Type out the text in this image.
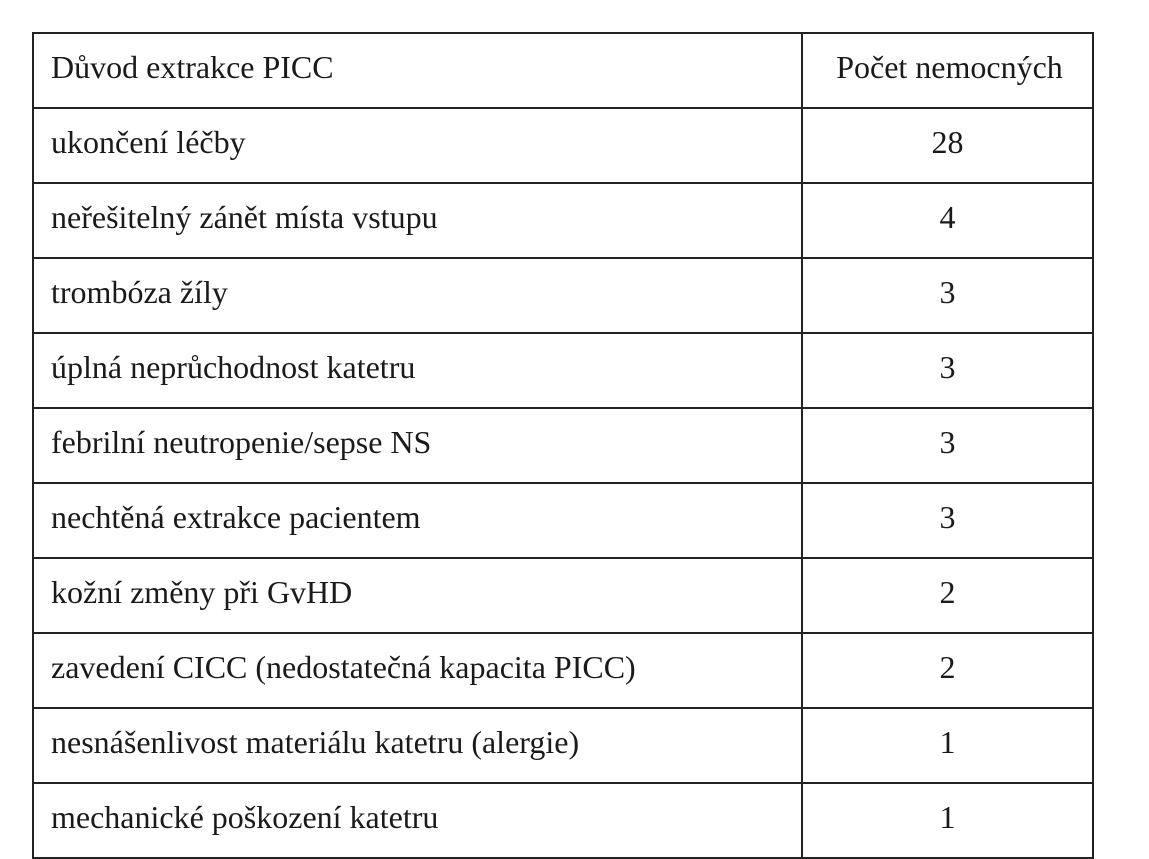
Důvod extrakce PICC	Počet nemocných
ukončení léčby	28
neřešitelný zánět místa vstupu	4
trombóza žíly	3
úplná neprůchodnost katetru	3
febrilní neutropenie/sepse NS	3
nechtěná extrakce pacientem	3
kožní změny při GvHD	2
zavedení CICC (nedostatečná kapacita PICC)	2
nesnášenlivost materiálu katetru (alergie)	1
mechanické poškození katetru	1
